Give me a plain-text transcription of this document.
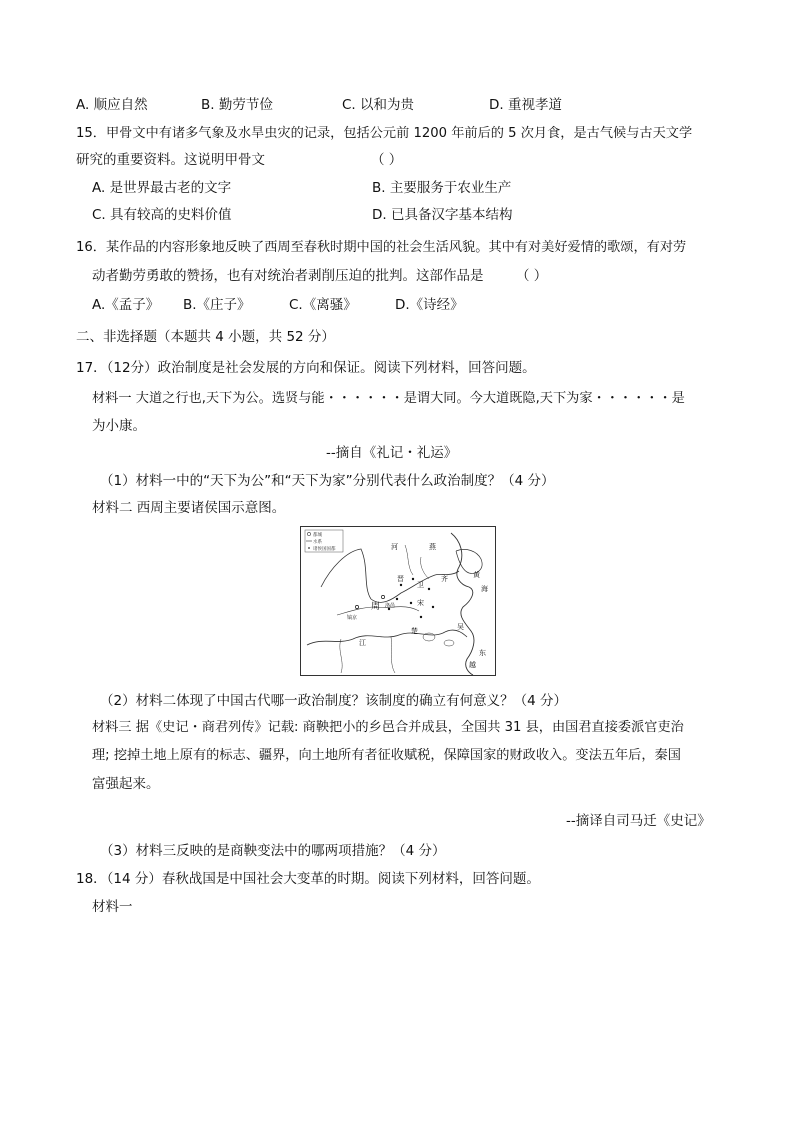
A. 顺应自然	B. 勤劳节俭	C. 以和为贵	D. 重视孝道
15．甲骨文中有诸多气象及水旱虫灾的记录，包括公元前 1200 年前后的 5 次月食，是古气候与古天文学
研究的重要资料。这说明甲骨文	（ ）
A. 是世界最古老的文字	B. 主要服务于农业生产
C. 具有较高的史料价值	D. 已具备汉字基本结构
16．某作品的内容形象地反映了西周至春秋时期中国的社会生活风貌。其中有对美好爱情的歌颂，有对劳
动者勤劳勇敢的赞扬，也有对统治者剥削压迫的批判。这部作品是 （ ）
A.《孟子》 B.《庄子》	C.《离骚》	D.《诗经》
二、非选择题（本题共 4 小题，共 52 分）
17．（12分）政治制度是社会发展的方向和保证。阅读下列材料，回答问题。
材料一 大道之行也,天下为公。选贤与能・・・・・・是谓大同。今大道既隐,天下为家・・・・・・是
为小康。
--摘自《礼记・礼运》
（1）材料一中的“天下为公”和“天下为家”分别代表什么政治制度？（4 分）
材料二 西周主要诸侯国示意图。
都城
水系
诸侯国国都	河	燕
晋
卫
齐
周 洛邑	宋
镐京
江
楚
黄
海
吴
东
越
（2）材料二体现了中国古代哪一政治制度？该制度的确立有何意义？（4 分）
材料三 据《史记・商君列传》记载: 商鞅把小的乡邑合并成县，全国共 31 县，由国君直接委派官吏治
理; 挖掉土地上原有的标志、疆界，向土地所有者征收赋税，保障国家的财政收入。变法五年后，秦国
富强起来。
--摘译自司马迁《史记》
（3）材料三反映的是商鞅变法中的哪两项措施？（4 分）
18．（14 分）春秋战国是中国社会大变革的时期。阅读下列材料，回答问题。
材料一
